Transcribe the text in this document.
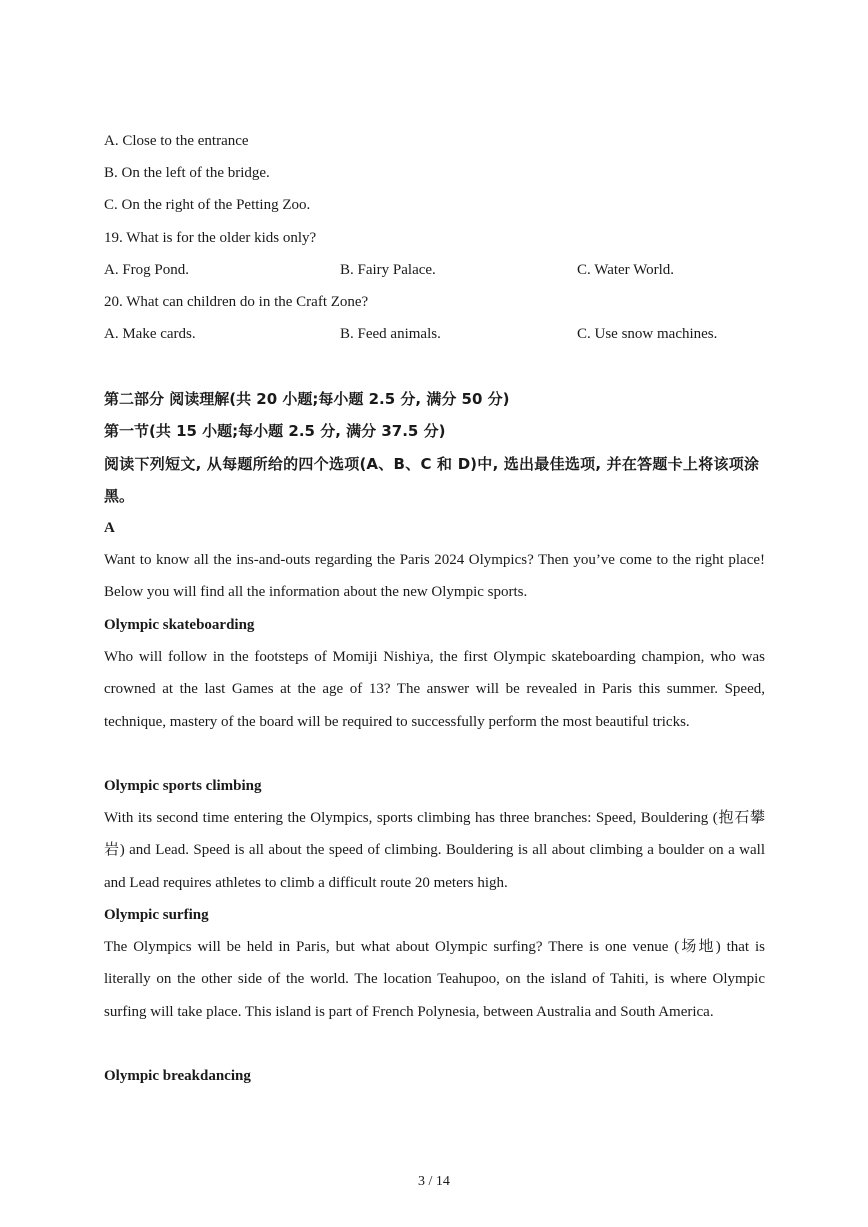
A. Close to the entrance
B. On the left of the bridge.
C. On the right of the Petting Zoo.
19. What is for the older kids only?
A. Frog Pond.	B. Fairy Palace.	C. Water World.
20. What can children do in the Craft Zone?
A. Make cards.	B. Feed animals.	C. Use snow machines.
第二部分 阅读理解(共 20 小题;每小题 2.5 分, 满分 50 分)
第一节(共 15 小题;每小题 2.5 分, 满分 37.5 分)
阅读下列短文, 从每题所给的四个选项(A、B、C 和 D)中, 选出最佳选项, 并在答题卡上将该项涂黑。
A
Want to know all the ins-and-outs regarding the Paris 2024 Olympics? Then you’ve come to the right place! Below you will find all the information about the new Olympic sports.
Olympic skateboarding
Who will follow in the footsteps of Momiji Nishiya, the first Olympic skateboarding champion, who was crowned at the last Games at the age of 13? The answer will be revealed in Paris this summer. Speed, technique, mastery of the board will be required to successfully perform the most beautiful tricks.
Olympic sports climbing
With its second time entering the Olympics, sports climbing has three branches: Speed, Bouldering (抱石攀岩) and Lead. Speed is all about the speed of climbing. Bouldering is all about climbing a boulder on a wall and Lead requires athletes to climb a difficult route 20 meters high.
Olympic surfing
The Olympics will be held in Paris, but what about Olympic surfing? There is one venue (场地) that is literally on the other side of the world. The location Teahupoo, on the island of Tahiti, is where Olympic surfing will take place. This island is part of French Polynesia, between Australia and South America.
Olympic breakdancing
3 / 14
